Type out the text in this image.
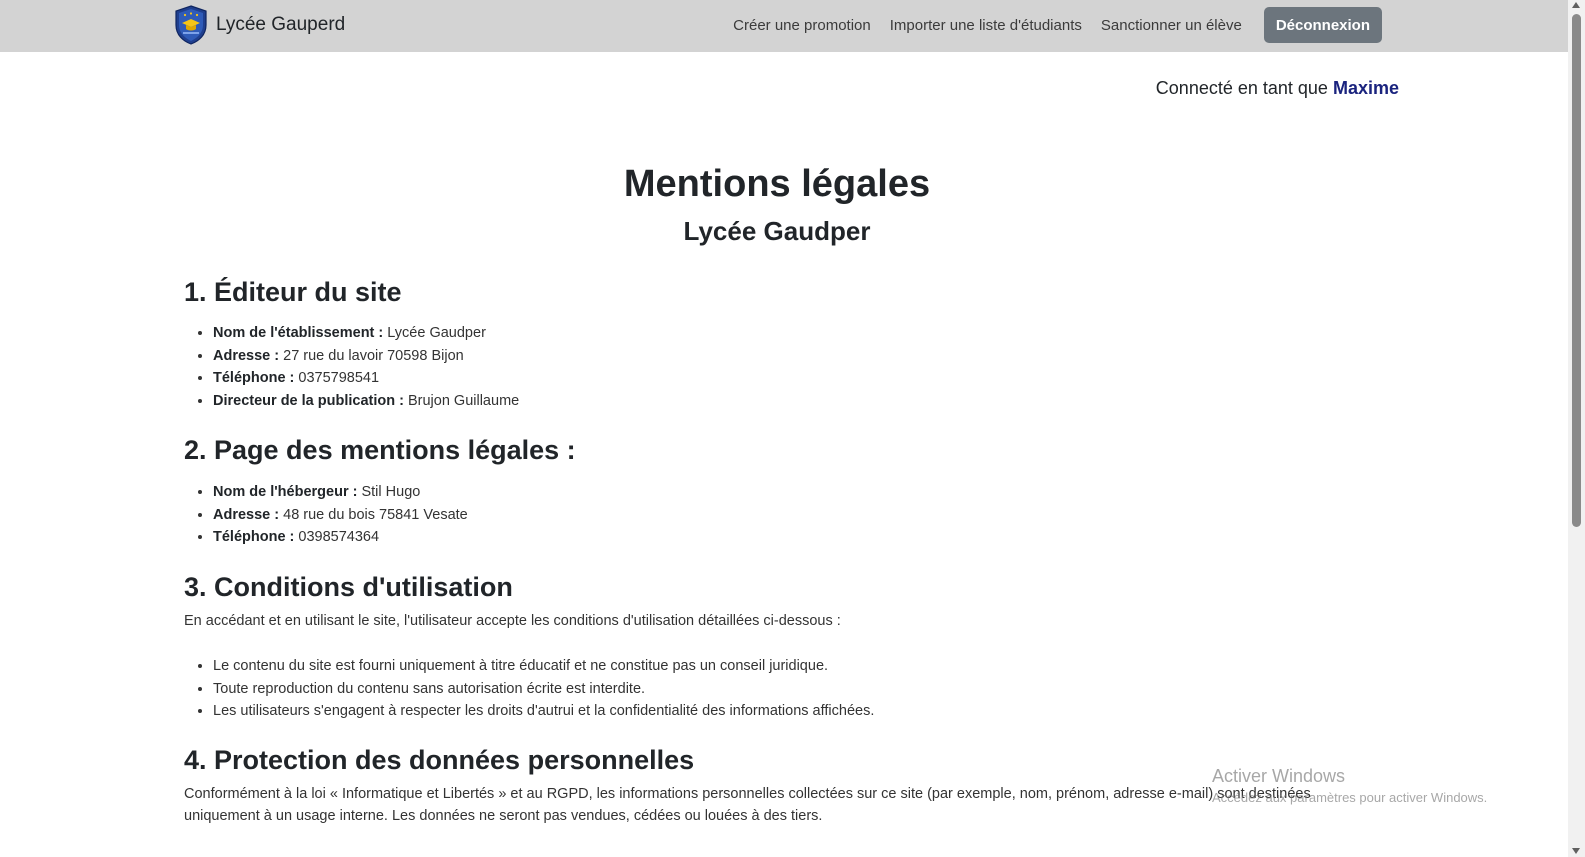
Lycée Gauperd	Créer une promotion Importer une liste d'étudiants Sanctionner un élève	Déconnexion
Connecté en tant que Maxime
Mentions légales
Lycée Gaudper
1. Éditeur du site
• Nom de l'établissement : Lycée Gaudper
• Adresse : 27 rue du lavoir 70598 Bijon
• Téléphone : 0375798541
• Directeur de la publication : Brujon Guillaume
2. Page des mentions légales :
• Nom de l'hébergeur : Stil Hugo
• Adresse : 48 rue du bois 75841 Vesate
• Téléphone : 0398574364
3. Conditions d'utilisation

En accédant et en utilisant le site, l'utilisateur accepte les conditions d'utilisation détaillées ci-dessous :

• Le contenu du site est fourni uniquement à titre éducatif et ne constitue pas un conseil juridique.
• Toute reproduction du contenu sans autorisation écrite est interdite.
• Les utilisateurs s'engagent à respecter les droits d'autrui et la confidentialité des informations affichées.
4. Protection des données personnelles

Conformément à la loi « Informatique et Libertés » et au RGPD, les informations personnelles collectées sur ce site (par exemple, nom, prénom, adresse e-mail) sont destinées uniquement à un usage interne. Les données ne seront pas vendues, cédées ou louées à des tiers.

Activer Windows
Accédez aux paramètres pour activer Windows.
